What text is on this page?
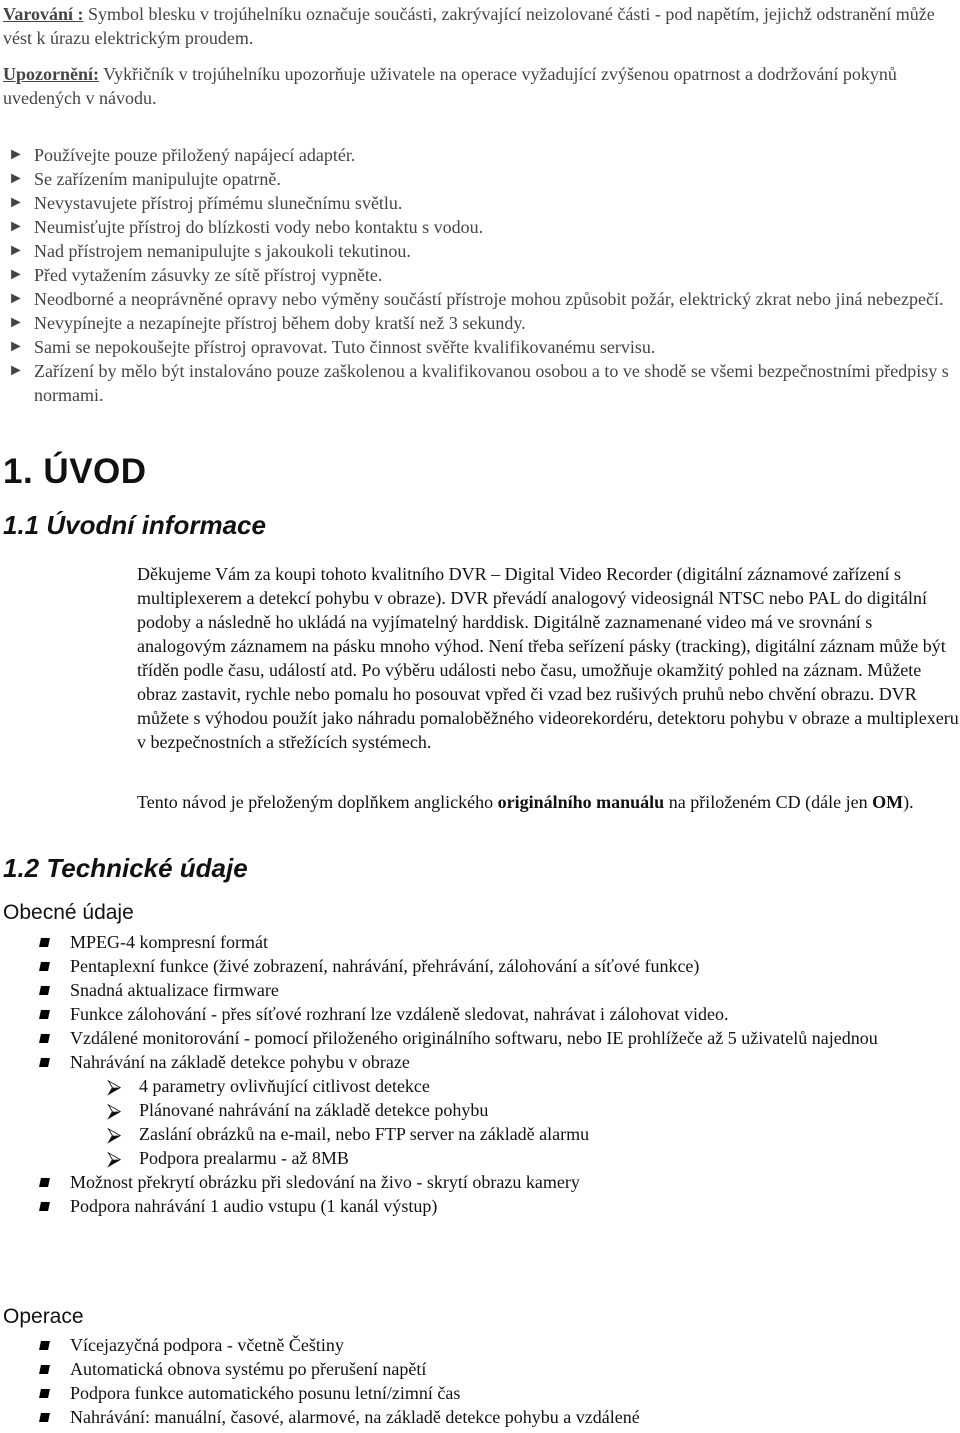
Varování : Symbol blesku v trojúhelníku označuje součásti, zakrývající neizolované části - pod napětím, jejichž odstranění může vést k úrazu elektrickým proudem.
Upozornění: Vykřičník v trojúhelníku upozorňuje uživatele na operace vyžadující zvýšenou opatrnost a dodržování pokynů uvedených v návodu.
► Používejte pouze přiložený napájecí adaptér.
► Se zařízením manipulujte opatrně.
► Nevystavujete přístroj přímému slunečnímu světlu.
► Neumisťujte přístroj do blízkosti vody nebo kontaktu s vodou.
► Nad přístrojem nemanipulujte s jakoukoli tekutinou.
► Před vytažením zásuvky ze sítě přístroj vypněte.
► Neodborné a neoprávněné opravy nebo výměny součástí přístroje mohou způsobit požár, elektrický zkrat nebo jiná nebezpečí.
► Nevypínejte a nezapínejte přístroj během doby kratší než 3 sekundy.
► Sami se nepokoušejte přístroj opravovat. Tuto činnost svěřte kvalifikovanému servisu.
► Zařízení by mělo být instalováno pouze zaškolenou a kvalifikovanou osobou a to ve shodě se všemi bezpečnostními předpisy s normami.
1. ÚVOD
1.1 Úvodní informace
Děkujeme Vám za koupi tohoto kvalitního DVR – Digital Video Recorder (digitální záznamové zařízení s multiplexerem a detekcí pohybu v obraze). DVR převádí analogový videosignál NTSC nebo PAL do digitální podoby a následně ho ukládá na vyjímatelný harddisk. Digitálně zaznamenané video má ve srovnání s analogovým záznamem na pásku mnoho výhod. Není třeba seřízení pásky (tracking), digitální záznam může být tříděn podle času, událostí atd. Po výběru události nebo času, umožňuje okamžitý pohled na záznam. Můžete obraz zastavit, rychle nebo pomalu ho posouvat vpřed či vzad bez rušivých pruhů nebo chvění obrazu. DVR můžete s výhodou použít jako náhradu pomaloběžného videorekordéru, detektoru pohybu v obraze a multiplexeru v bezpečnostních a střežících systémech.
Tento návod je přeloženým doplňkem anglického originálního manuálu na přiloženém CD (dále jen OM).
1.2 Technické údaje
Obecné údaje
MPEG-4 kompresní formát
Pentaplexní funkce (živé zobrazení, nahrávání, přehrávání, zálohování a síťové funkce)
Snadná aktualizace firmware
Funkce zálohování - přes síťové rozhraní lze vzdáleně sledovat, nahrávat i zálohovat video.
Vzdálené monitorování - pomocí přiloženého originálního softwaru, nebo IE prohlížeče až 5 uživatelů najednou
Nahrávání na základě detekce pohybu v obraze
⮚ 4 parametry ovlivňující citlivost detekce
⮚ Plánované nahrávání na základě detekce pohybu
⮚ Zaslání obrázků na e-mail, nebo FTP server na základě alarmu
⮚ Podpora prealarmu - až 8MB
Možnost překrytí obrázku při sledování na živo - skrytí obrazu kamery
Podpora nahrávání 1 audio vstupu (1 kanál výstup)
Operace
Vícejazyčná podpora - včetně Češtiny
Automatická obnova systému po přerušení napětí
Podpora funkce automatického posunu letní/zimní čas
Nahrávání: manuální, časové, alarmové, na základě detekce pohybu a vzdálené
